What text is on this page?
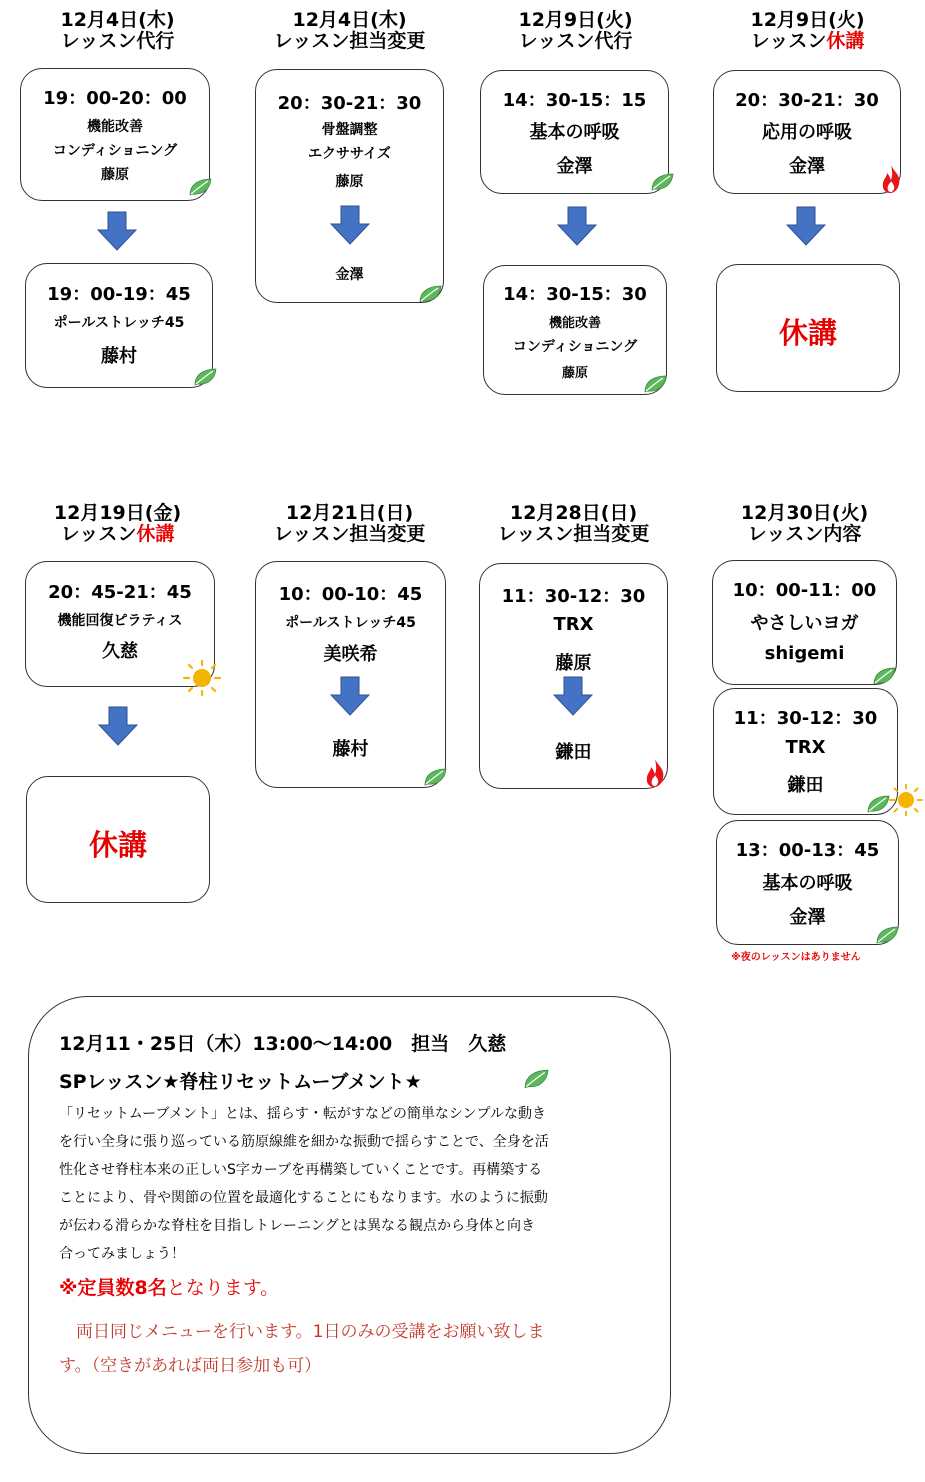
12月4日(木)
レッスン代行
12月4日(木)
レッスン担当変更
12月9日(火)
レッスン代行
12月9日(火)
レッスン休講
19：00-20：00
機能改善
コンディショニング
藤原
19：00-19：45
ポールストレッチ45
藤村
20：30-21：30
骨盤調整
エクササイズ
藤原
金澤
14：30-15：15
基本の呼吸
金澤
14：30-15：30
機能改善
コンディショニング
藤原
20：30-21：30
応用の呼吸
金澤
休講
12月19日(金)
レッスン休講
12月21日(日)
レッスン担当変更
12月28日(日)
レッスン担当変更
12月30日(火)
レッスン内容
20：45-21：45
機能回復ピラティス
久慈
休講
10：00-10：45
ポールストレッチ45
美咲希
藤村
11：30-12：30
TRX
藤原
鎌田
10：00-11：00
やさしいヨガ
shigemi
11：30-12：30
TRX
鎌田
13：00-13：45
基本の呼吸
金澤
※夜のレッスンはありません
12月11・25日（木）13:00～14:00　担当　久慈
SPレッスン★脊柱リセットムーブメント★
「リセットムーブメント」とは、揺らす・転がすなどの簡単なシンプルな動き
を行い全身に張り巡っている筋原線維を細かな振動で揺らすことで、全身を活
性化させ脊柱本来の正しいS字カーブを再構築していくことです。再構築する
ことにより、骨や関節の位置を最適化することにもなります。水のように振動
が伝わる滑らかな脊柱を目指しトレーニングとは異なる観点から身体と向き
合ってみましょう！
※定員数8名となります。
　両日同じメニューを行います。1日のみの受講をお願い致しま
す。（空きがあれば両日参加も可）
